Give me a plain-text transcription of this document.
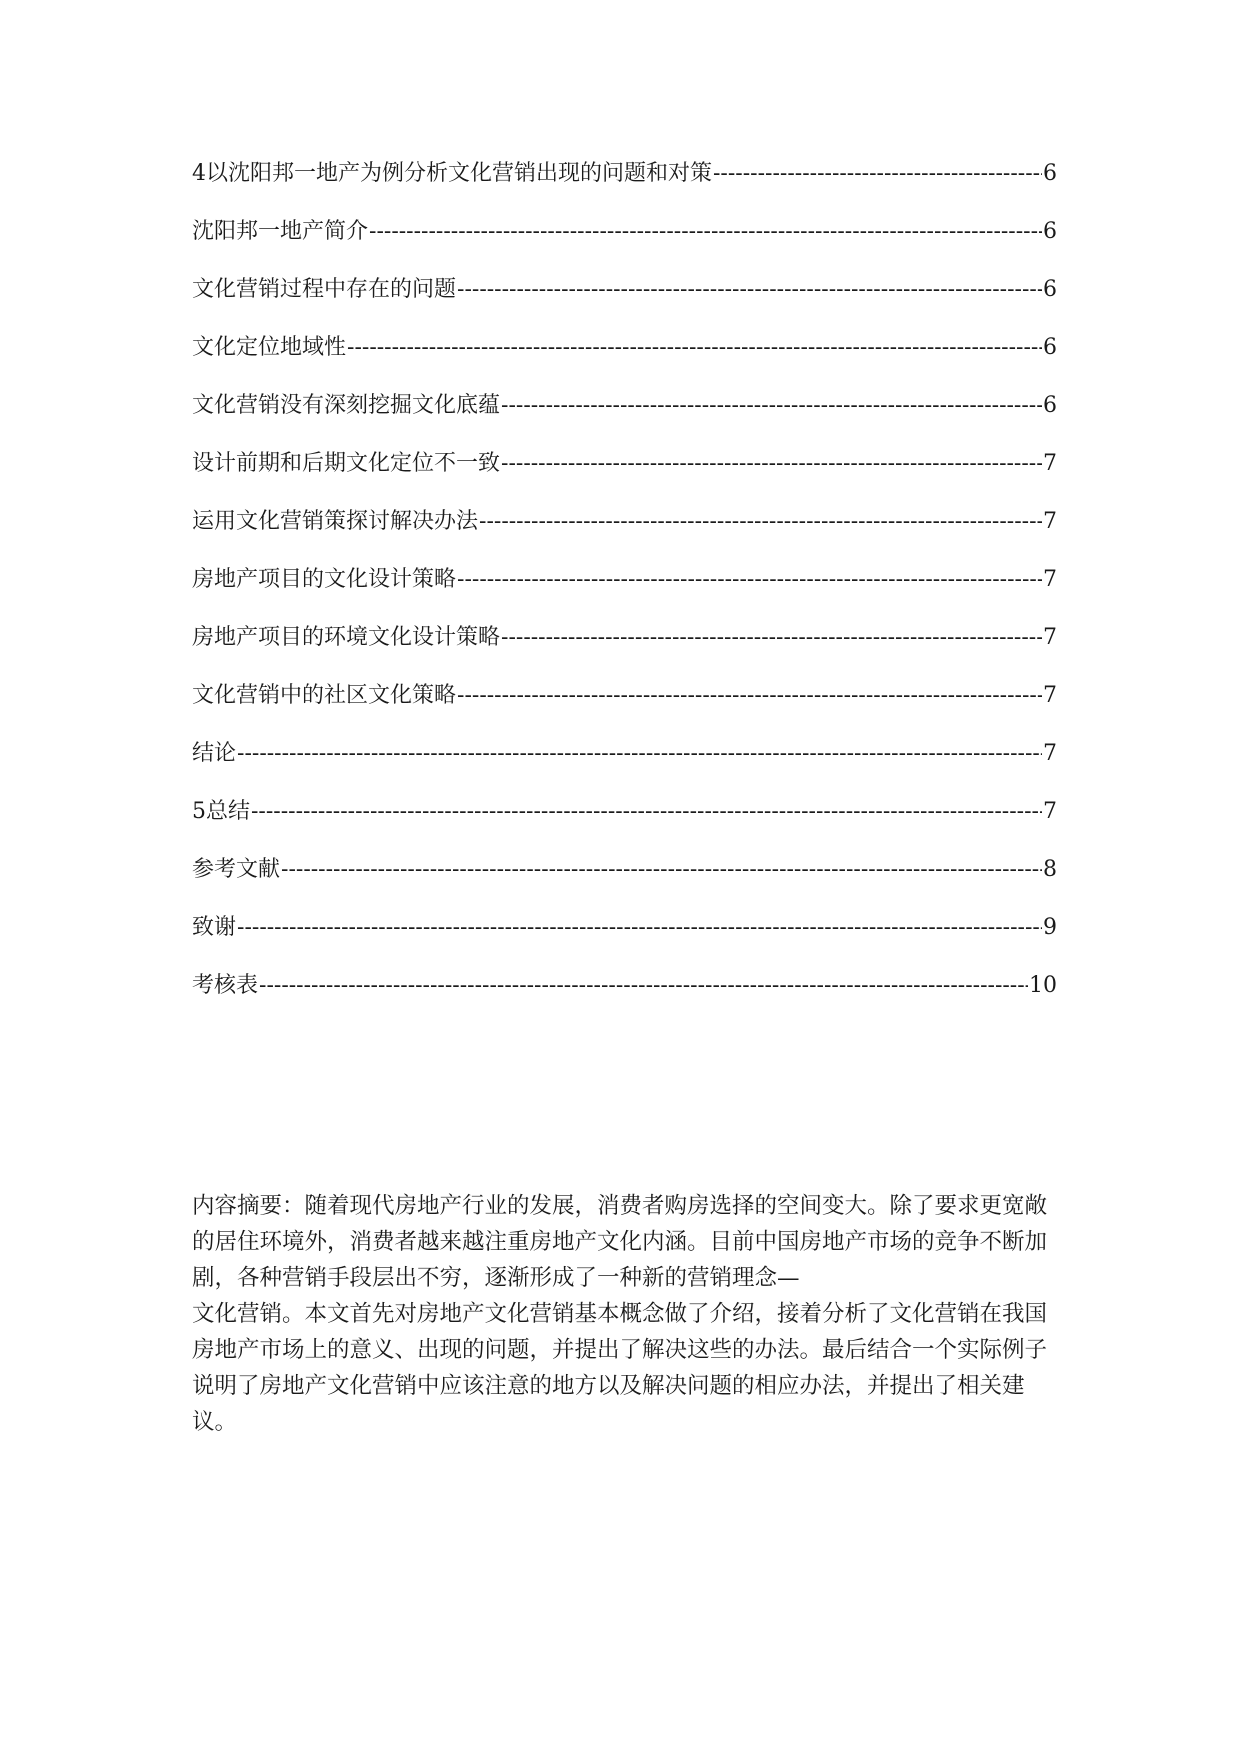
4以沈阳邦一地产为例分析文化营销出现的问题和对策 -----	6
沈阳邦一地产简介 -----	6
文化营销过程中存在的问题 -----	6
文化定位地域性 -----	6
文化营销没有深刻挖掘文化底蕴 -----	6
设计前期和后期文化定位不一致 -----	7
运用文化营销策探讨解决办法 -----	7
房地产项目的文化设计策略 -----	7
房地产项目的环境文化设计策略 -----	7
文化营销中的社区文化策略 -----	7
结论 -----	7
5总结 -----	7
参考文献 -----	8
致谢 -----	9
考核表 -----	10

内容摘要：随着现代房地产行业的发展，消费者购房选择的空间变大。除了要求更宽敞的居住环境外，消费者越来越注重房地产文化内涵。目前中国房地产市场的竞争不断加剧，各种营销手段层出不穷，逐渐形成了一种新的营销理念—

文化营销。本文首先对房地产文化营销基本概念做了介绍，接着分析了文化营销在我国房地产市场上的意义、出现的问题，并提出了解决这些的办法。最后结合一个实际例子说明了房地产文化营销中应该注意的地方以及解决问题的相应办法，并提出了相关建议。
